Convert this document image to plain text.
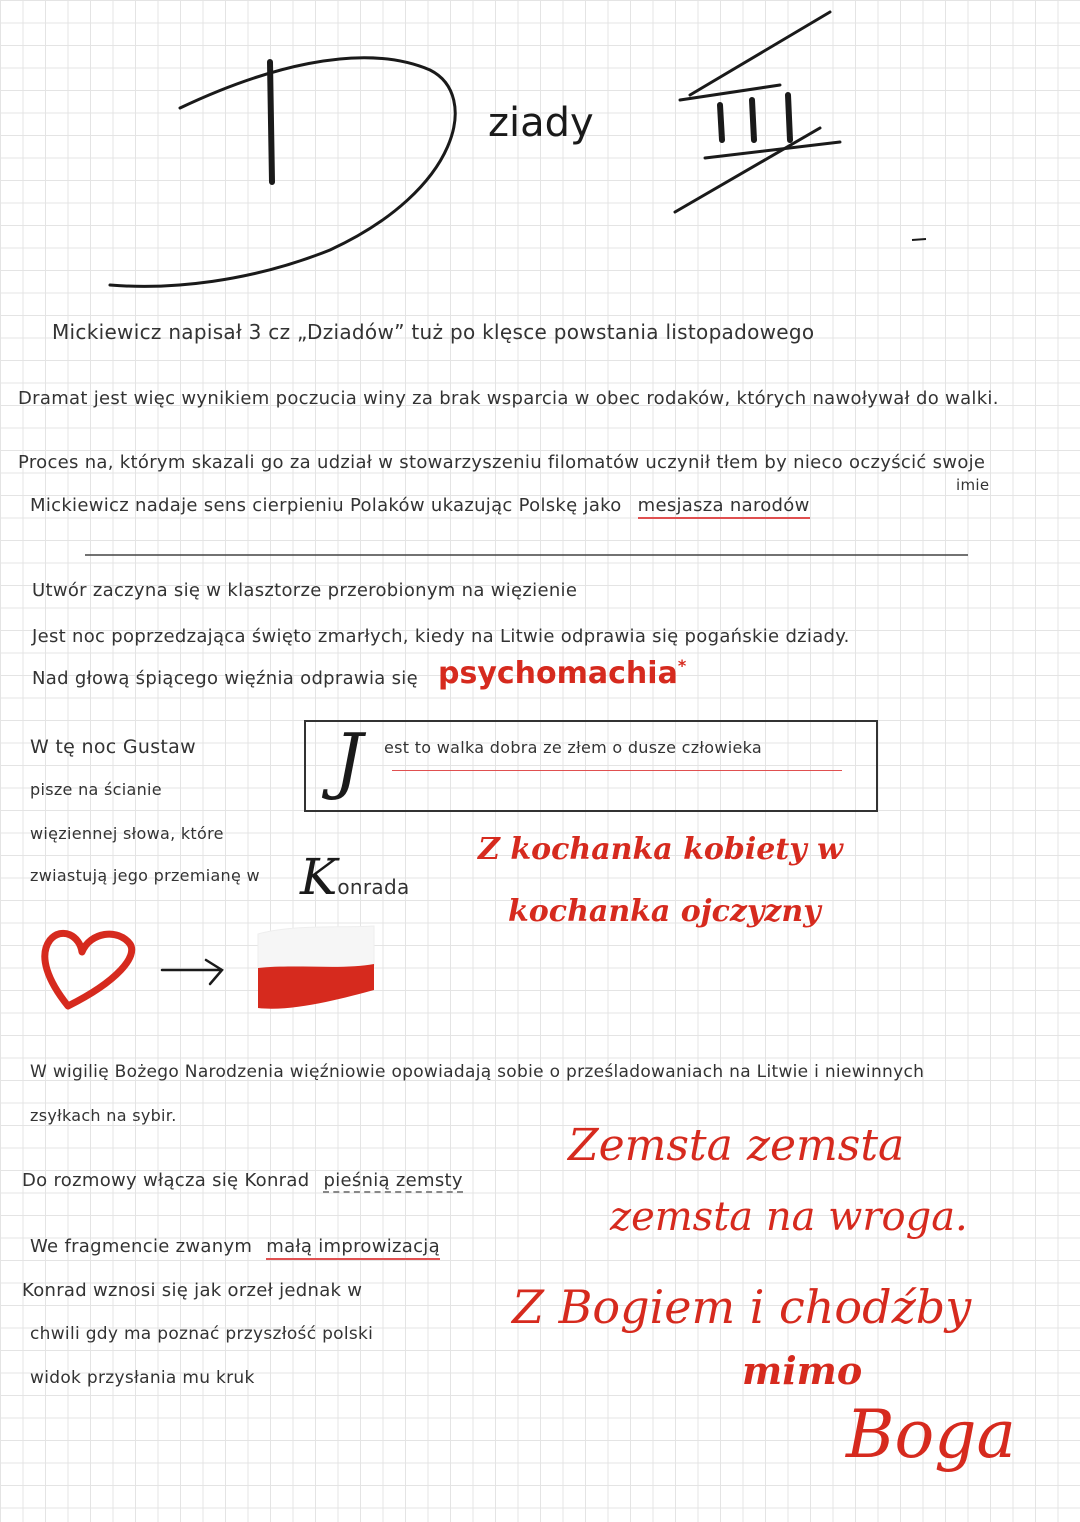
ziady
Mickiewicz napisał 3 cz „Dziadów” tuż po klęsce powstania listopadowego
Dramat jest więc wynikiem poczucia winy za brak wsparcia w obec rodaków, których nawoływał do walki.
Proces na, którym skazali go za udział w stowarzyszeniu filomatów uczynił tłem by nieco oczyścić swoje
imie
Mickiewicz nadaje sens cierpieniu Polaków ukazując Polskę jako mesjasza narodów
Utwór zaczyna się w klasztorze przerobionym na więzienie
Jest noc poprzedzająca święto zmarłych, kiedy na Litwie odprawia się pogańskie dziady.
Nad głową śpiącego więźnia odprawia się psychomachia*
J est to walka dobra ze złem o dusze człowieka
W tę noc Gustaw
pisze na ścianie
więziennej słowa, które
zwiastują jego przemianę w Konrada
Z kochanka kobiety w
kochanka ojczyzny
W wigilię Bożego Narodzenia więźniowie opowiadają sobie o prześladowaniach na Litwie i niewinnych
zsyłkach na sybir.
Do rozmowy włącza się Konrad pieśnią zemsty
We fragmencie zwanym małą improwizacją
Konrad wznosi się jak orzeł jednak w
chwili gdy ma poznać przyszłość polski
widok przysłania mu kruk
Zemsta zemsta
zemsta na wroga.
Z Bogiem i chodźby
mimo
Boga
